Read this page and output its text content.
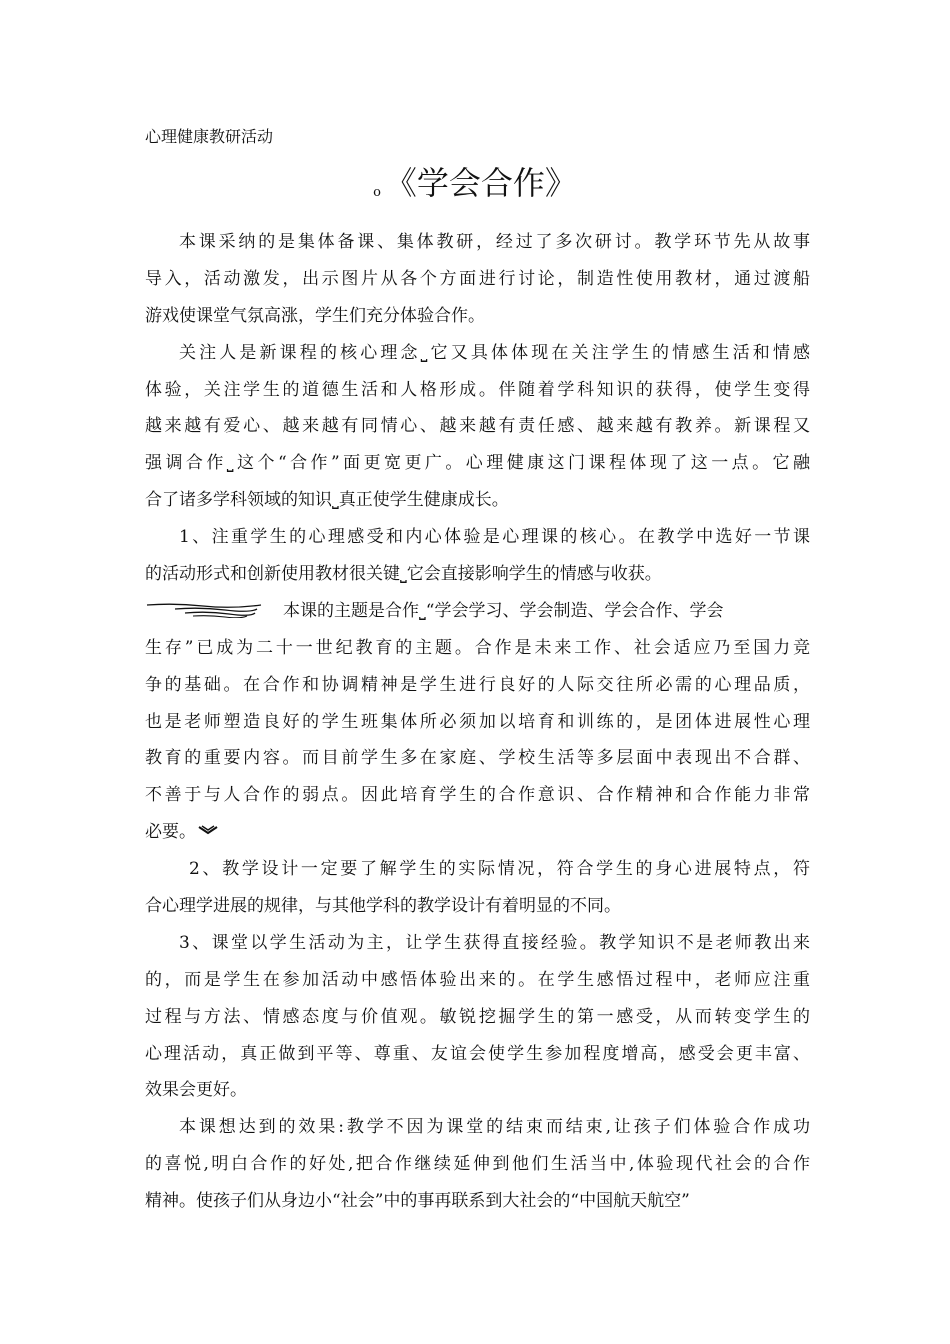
心理健康教研活动
o 《学会合作》
本课采纳的是集体备课、集体教研，经过了多次研讨。教学环节先从故事
导入，活动激发，出示图片从各个方面进行讨论，制造性使用教材，通过渡船
游戏使课堂气氛高涨，学生们充分体验合作。
关注人是新课程的核心理念⎵它又具体体现在关注学生的情感生活和情感
体验，关注学生的道德生活和人格形成。伴随着学科知识的获得，使学生变得
越来越有爱心、越来越有同情心、越来越有责任感、越来越有教养。新课程又
强调合作⎵这个“合作”面更宽更广。心理健康这门课程体现了这一点。它融
合了诸多学科领域的知识⎵真正使学生健康成长。
1、注重学生的心理感受和内心体验是心理课的核心。在教学中选好一节课
的活动形式和创新使用教材很关键⎵它会直接影响学生的情感与收获。
本课的主题是合作⎵“学会学习、学会制造、学会合作、学会
生存”已成为二十一世纪教育的主题。合作是未来工作、社会适应乃至国力竞
争的基础。在合作和协调精神是学生进行良好的人际交往所必需的心理品质，
也是老师塑造良好的学生班集体所必须加以培育和训练的，是团体进展性心理
教育的重要内容。而目前学生多在家庭、学校生活等多层面中表现出不合群、
不善于与人合作的弱点。因此培育学生的合作意识、合作精神和合作能力非常
必要。
2、教学设计一定要了解学生的实际情况，符合学生的身心进展特点，符
合心理学进展的规律，与其他学科的教学设计有着明显的不同。
3、课堂以学生活动为主，让学生获得直接经验。教学知识不是老师教出来
的，而是学生在参加活动中感悟体验出来的。在学生感悟过程中，老师应注重
过程与方法、情感态度与价值观。敏锐挖掘学生的第一感受，从而转变学生的
心理活动，真正做到平等、尊重、友谊会使学生参加程度增高，感受会更丰富、
效果会更好。
本课想达到的效果:教学不因为课堂的结束而结束,让孩子们体验合作成功
的喜悦,明白合作的好处,把合作继续延伸到他们生活当中,体验现代社会的合作
精神。使孩子们从身边小“社会”中的事再联系到大社会的“中国航天航空”
